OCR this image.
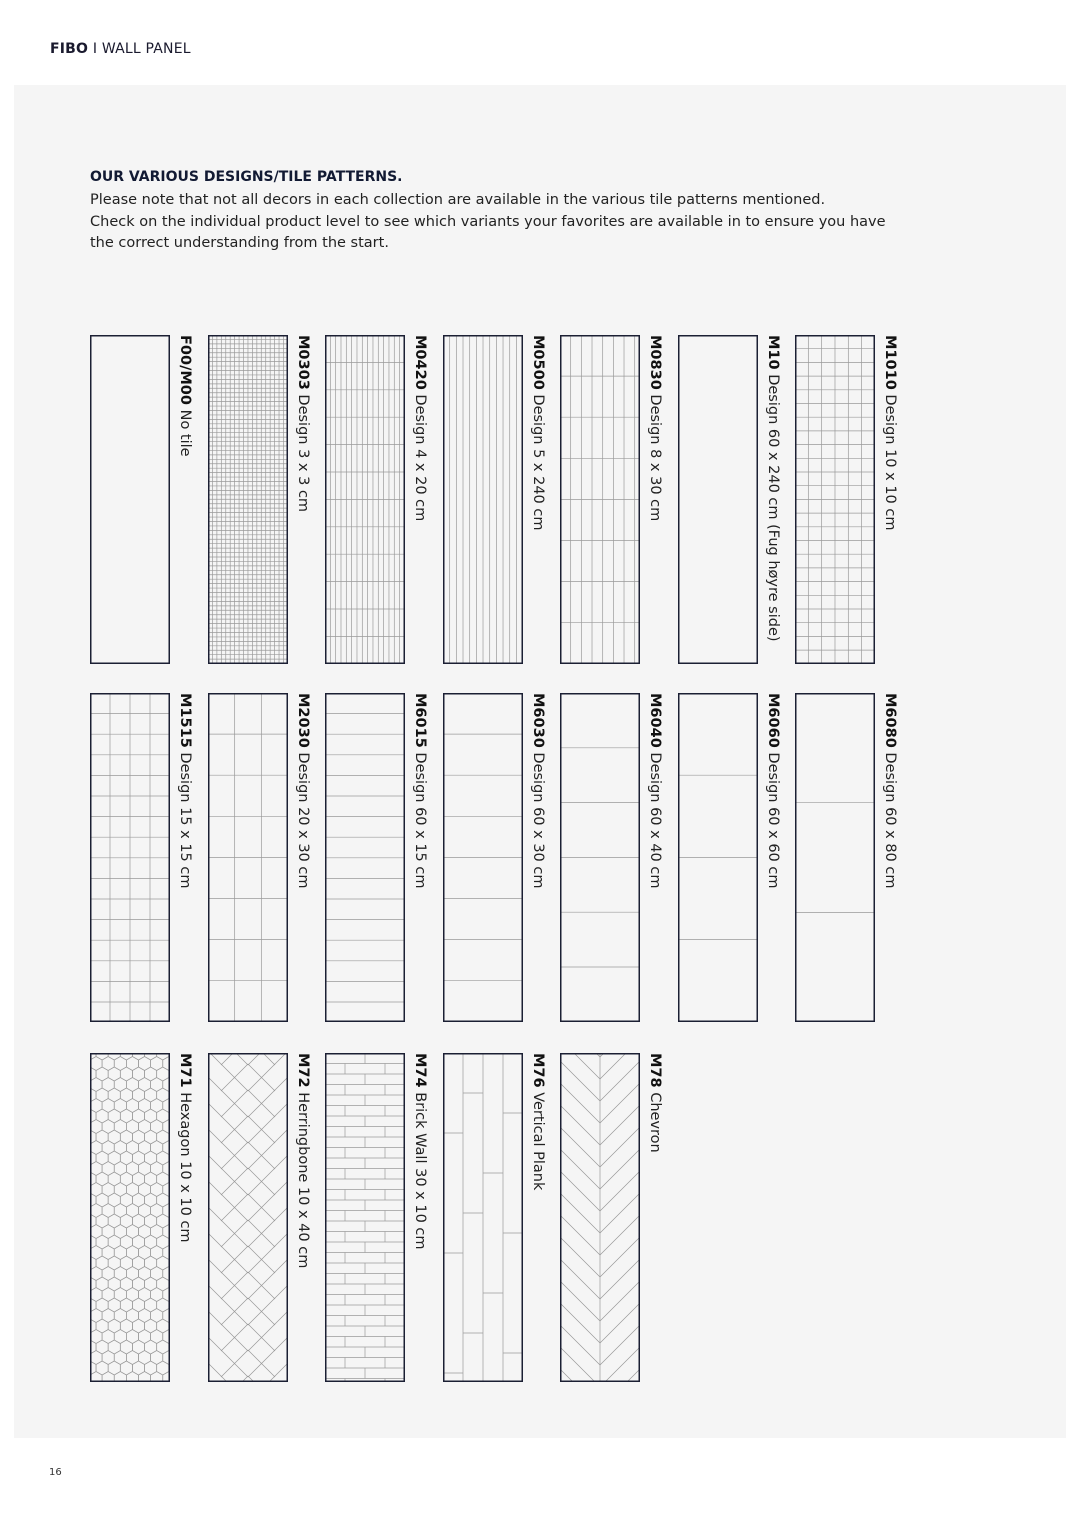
FIBO I WALL PANEL
OUR VARIOUS DESIGNS/TILE PATTERNS.
Please note that not all decors in each collection are available in the various tile patterns mentioned.
Check on the individual product level to see which variants your favorites are available in to ensure you have
the correct understanding from the start.
F00/M00 No tile
M0303 Design 3 x 3 cm
M0420 Design 4 x 20 cm
M0500 Design 5 x 240 cm
M0830 Design 8 x 30 cm
M10 Design 60 x 240 cm (Fug høyre side)
M1010 Design 10 x 10 cm
M1515 Design 15 x 15 cm
M2030 Design 20 x 30 cm
M6015 Design 60 x 15 cm
M6030 Design 60 x 30 cm
M6040 Design 60 x 40 cm
M6060 Design 60 x 60 cm
M6080 Design 60 x 80 cm
M71 Hexagon 10 x 10 cm
M72 Herringbone 10 x 40 cm
M74 Brick Wall 30 x 10 cm
M76 Vertical Plank
M78 Chevron
16
